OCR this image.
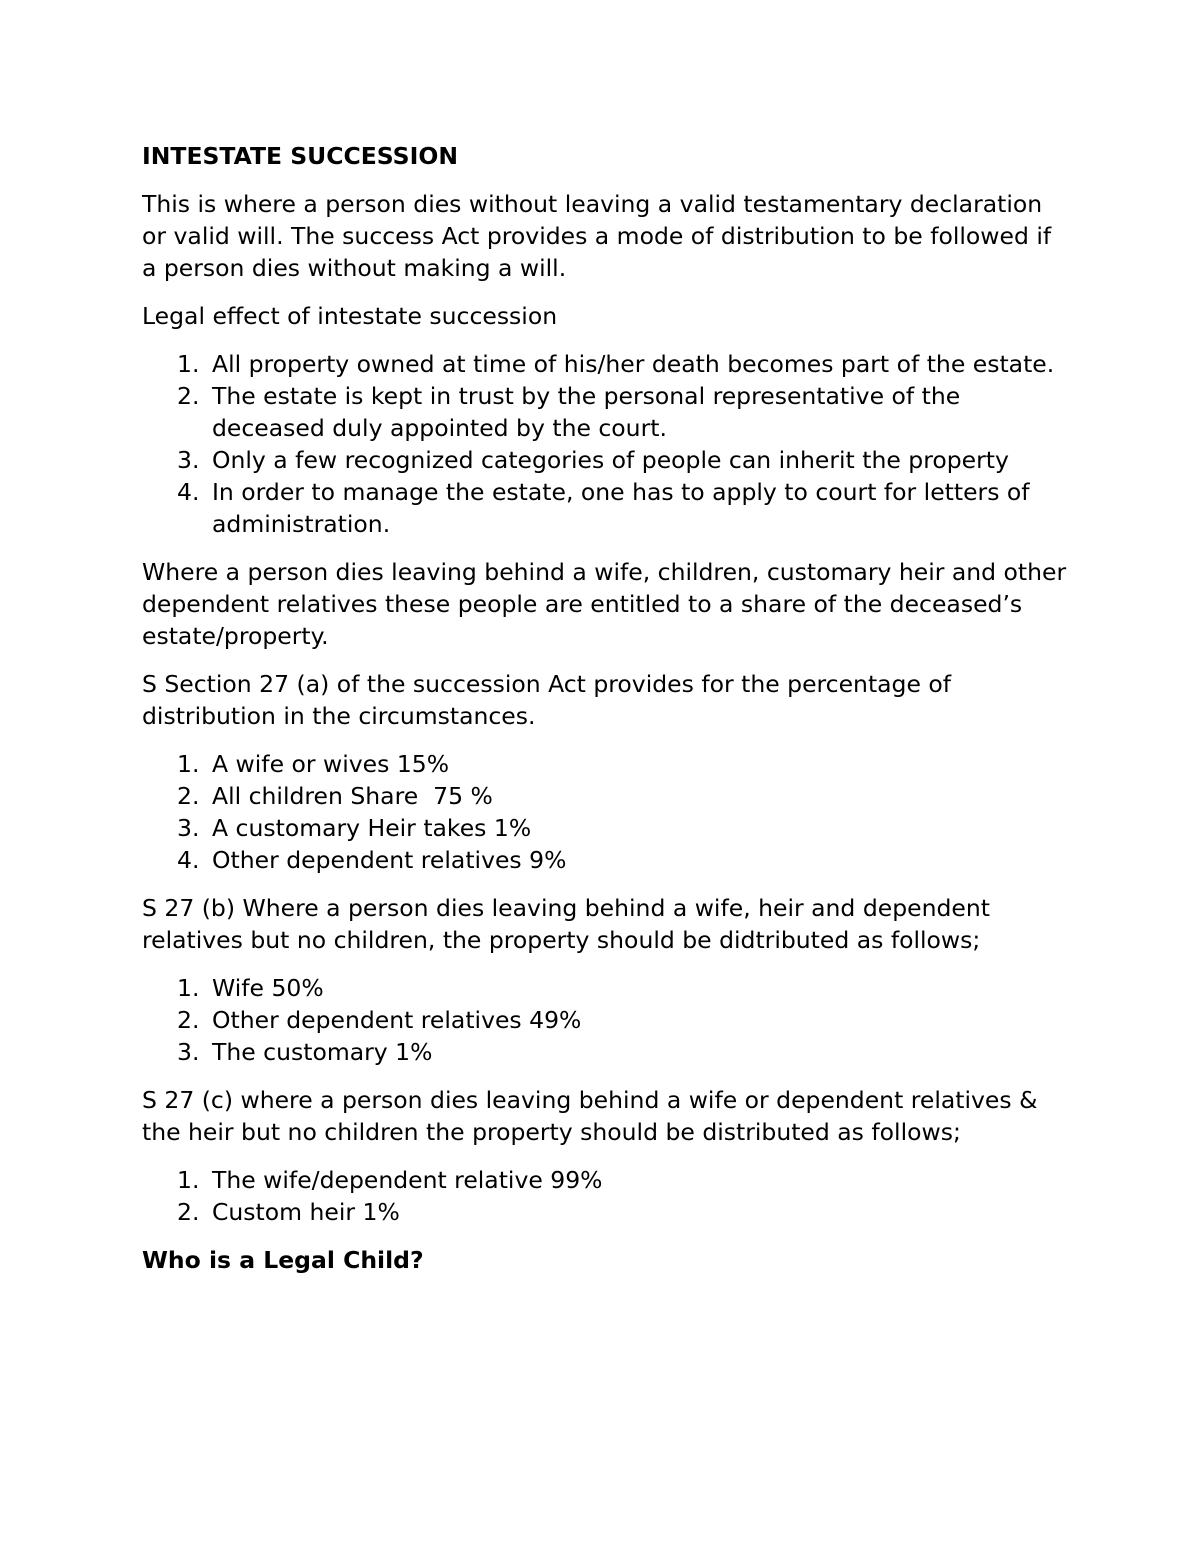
INTESTATE SUCCESSION

This is where a person dies without leaving a valid testamentary declaration or valid will. The success Act provides a mode of distribution to be followed if a person dies without making a will.

Legal effect of intestate succession

1. All property owned at time of his/her death becomes part of the estate.
2. The estate is kept in trust by the personal representative of the deceased duly appointed by the court.
3. Only a few recognized categories of people can inherit the property
4. In order to manage the estate, one has to apply to court for letters of administration.

Where a person dies leaving behind a wife, children, customary heir and other dependent relatives these people are entitled to a share of the deceased’s estate/property.

S Section 27 (a) of the succession Act provides for the percentage of distribution in the circumstances.

1. A wife or wives 15%
2. All children Share  75 %
3. A customary Heir takes 1%
4. Other dependent relatives 9%

S 27 (b) Where a person dies leaving behind a wife, heir and dependent relatives but no children, the property should be didtributed as follows;

1. Wife 50%
2. Other dependent relatives 49%
3. The customary 1%

S 27 (c) where a person dies leaving behind a wife or dependent relatives & the heir but no children the property should be distributed as follows;

1. The wife/dependent relative 99%
2. Custom heir 1%
Who is a Legal Child?
